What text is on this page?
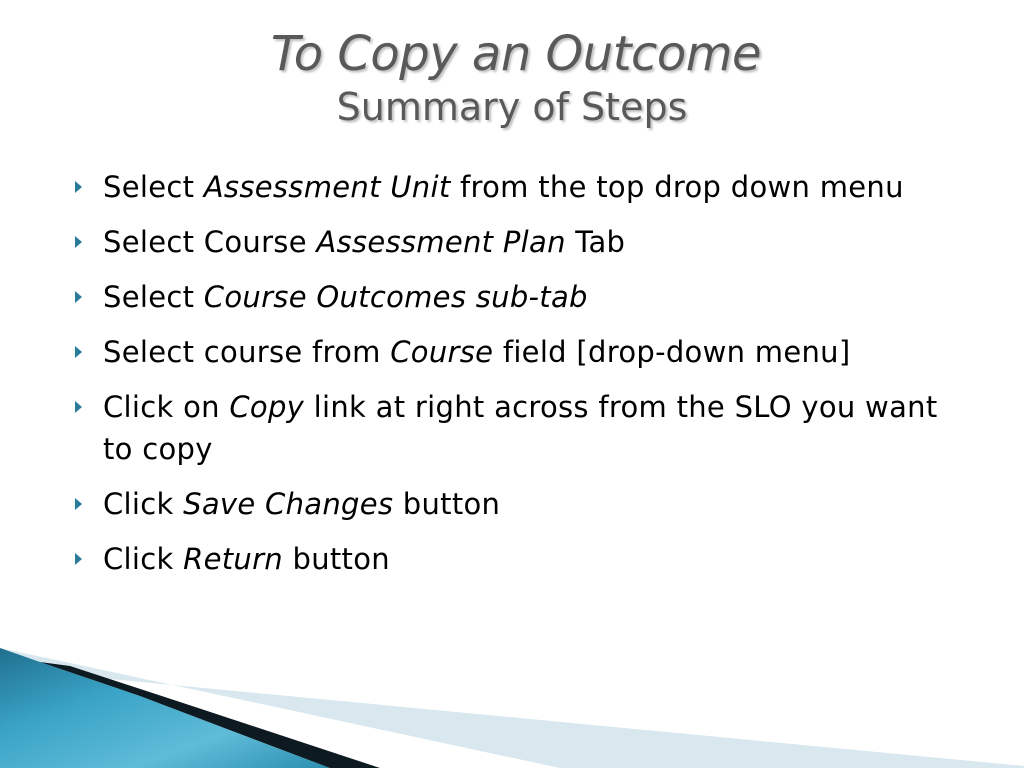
To Copy an Outcome
Summary of Steps
Select Assessment Unit from the top drop down menu
Select Course Assessment Plan Tab
Select Course Outcomes sub-tab
Select course from Course field [drop-down menu]
Click on Copy link at right across from the SLO you want to copy
Click Save Changes button
Click Return button
